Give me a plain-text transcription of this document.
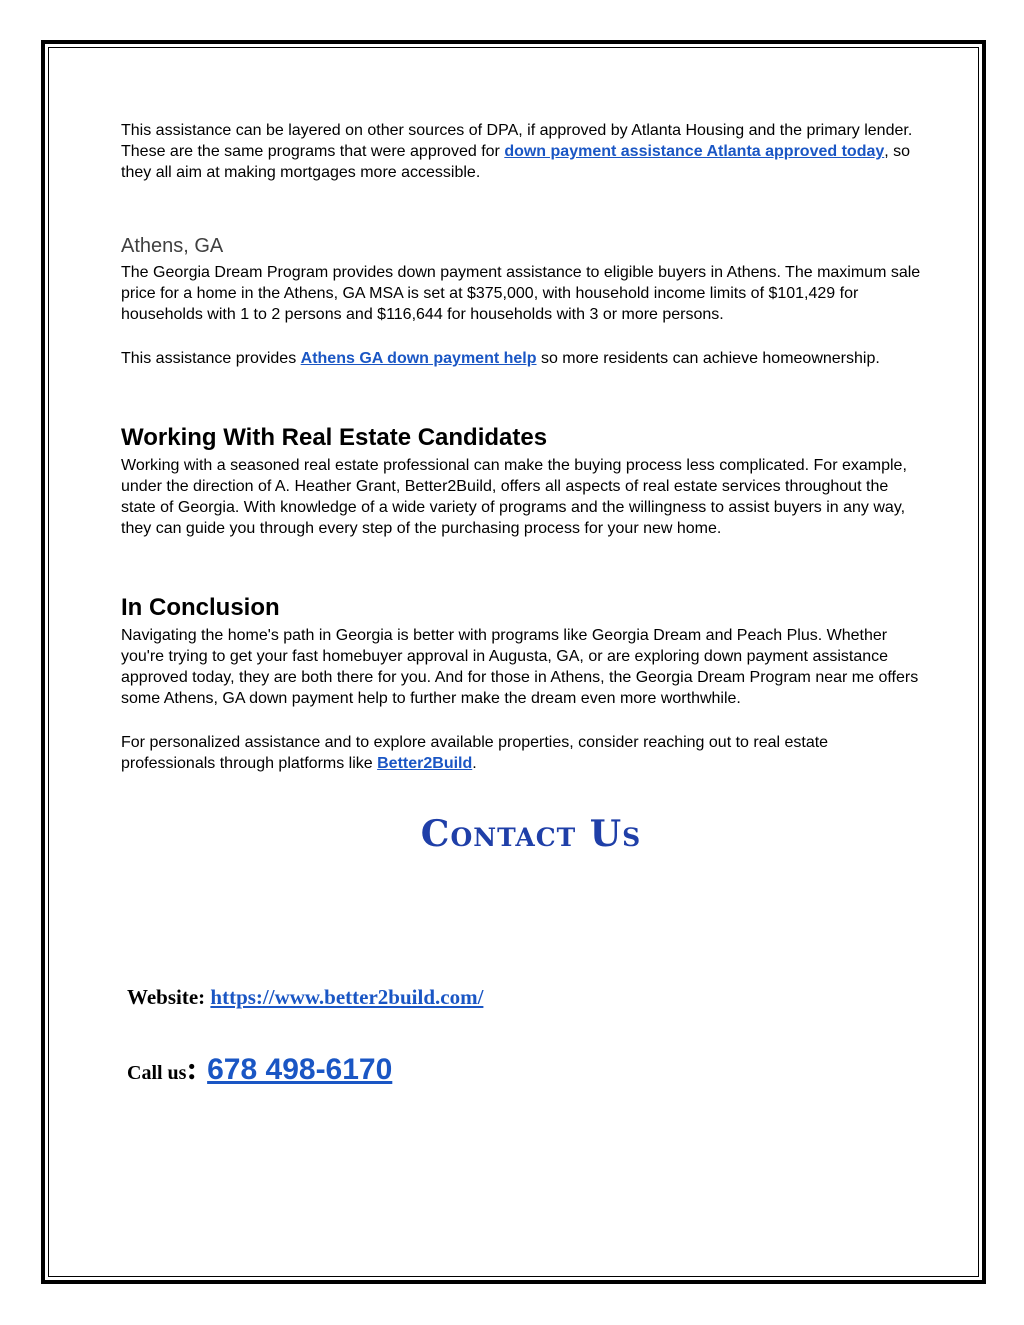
This assistance can be layered on other sources of DPA, if approved by Atlanta Housing and the primary lender. These are the same programs that were approved for down payment assistance Atlanta approved today, so they all aim at making mortgages more accessible.

Athens, GA

The Georgia Dream Program provides down payment assistance to eligible buyers in Athens. The maximum sale price for a home in the Athens, GA MSA is set at $375,000, with household income limits of $101,429 for households with 1 to 2 persons and $116,644 for households with 3 or more persons.

This assistance provides Athens GA down payment help so more residents can achieve homeownership.

Working With Real Estate Candidates

Working with a seasoned real estate professional can make the buying process less complicated. For example, under the direction of A. Heather Grant, Better2Build, offers all aspects of real estate services throughout the state of Georgia. With knowledge of a wide variety of programs and the willingness to assist buyers in any way, they can guide you through every step of the purchasing process for your new home.

In Conclusion

Navigating the home's path in Georgia is better with programs like Georgia Dream and Peach Plus. Whether you're trying to get your fast homebuyer approval in Augusta, GA, or are exploring down payment assistance approved today, they are both there for you. And for those in Athens, the Georgia Dream Program near me offers some Athens, GA down payment help to further make the dream even more worthwhile.

For personalized assistance and to explore available properties, consider reaching out to real estate professionals through platforms like Better2Build.

Contact Us
Website: https://www.better2build.com/
Call us: 678 498-6170
